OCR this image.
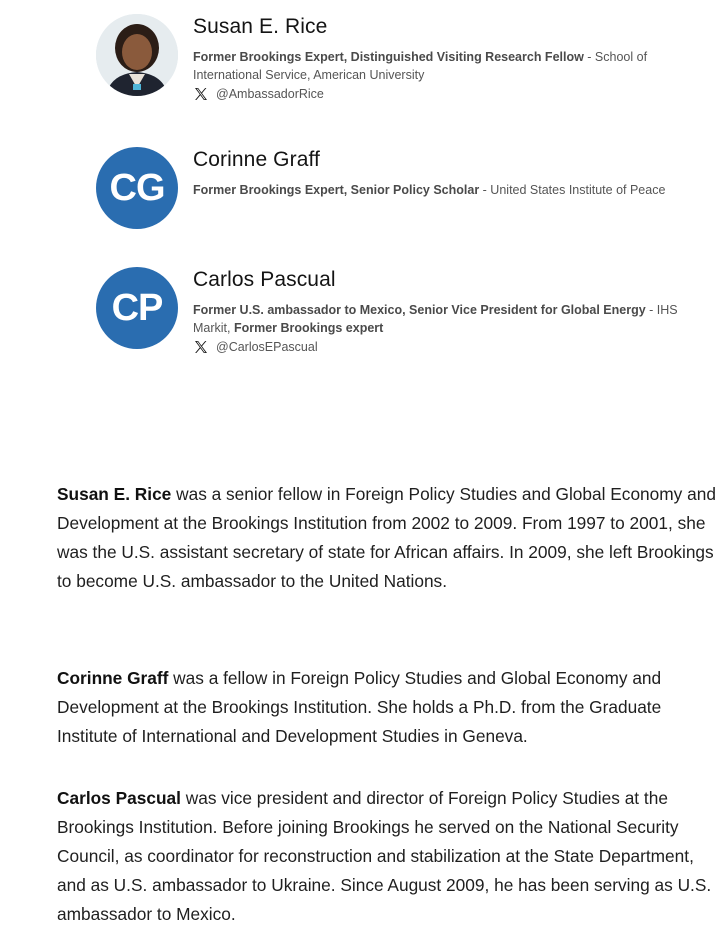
Susan E. Rice
Former Brookings Expert, Distinguished Visiting Research Fellow - School of International Service, American University
@AmbassadorRice
CG
Corinne Graff
Former Brookings Expert, Senior Policy Scholar - United States Institute of Peace
CP
Carlos Pascual
Former U.S. ambassador to Mexico, Senior Vice President for Global Energy - IHS Markit, Former Brookings expert
@CarlosEPascual

Susan E. Rice was a senior fellow in Foreign Policy Studies and Global Economy and Development at the Brookings Institution from 2002 to 2009. From 1997 to 2001, she was the U.S. assistant secretary of state for African affairs. In 2009, she left Brookings to become U.S. ambassador to the United Nations.

Corinne Graff was a fellow in Foreign Policy Studies and Global Economy and Development at the Brookings Institution. She holds a Ph.D. from the Graduate Institute of International and Development Studies in Geneva.

Carlos Pascual was vice president and director of Foreign Policy Studies at the Brookings Institution. Before joining Brookings he served on the National Security Council, as coordinator for reconstruction and stabilization at the State Department, and as U.S. ambassador to Ukraine. Since August 2009, he has been serving as U.S. ambassador to Mexico.
